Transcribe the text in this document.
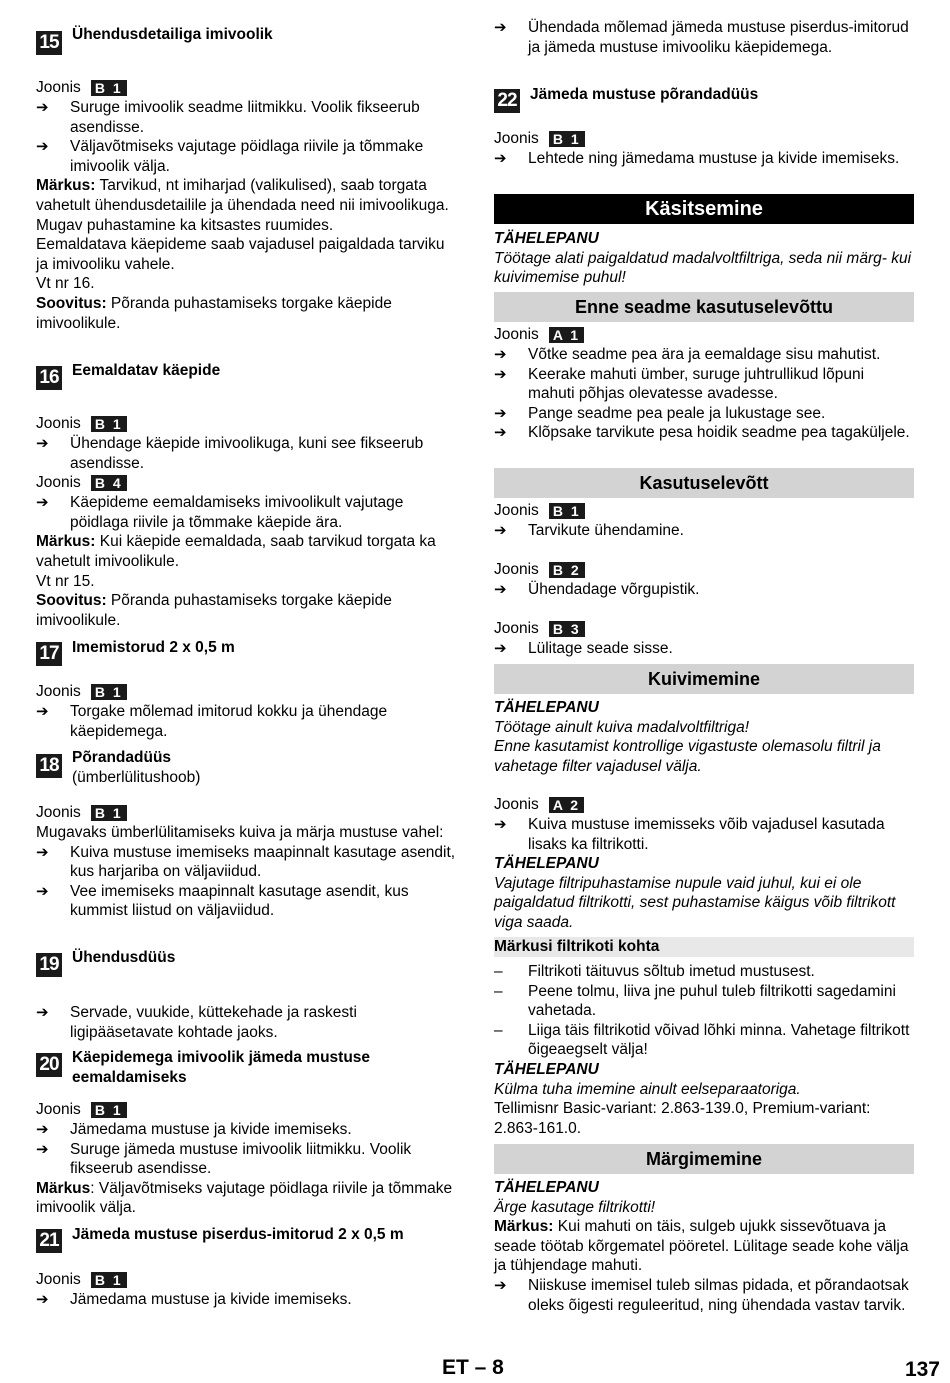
15 Ühendusdetailiga imivoolik
Joonis B 1
➔ Suruge imivoolik seadme liitmikku. Voolik fikseerub asendisse.
➔ Väljavõtmiseks vajutage pöidlaga riivile ja tõmmake imivoolik välja.
Märkus: Tarvikud, nt imiharjad (valikulised), saab torgata vahetult ühendusdetailile ja ühendada need nii imivoolikuga.
Mugav puhastamine ka kitsastes ruumides.
Eemaldatava käepideme saab vajadusel paigaldada tarviku ja imivooliku vahele.
Vt nr 16.
Soovitus: Põranda puhastamiseks torgake käepide imivoolikule.
16 Eemaldatav käepide
Joonis B 1
➔ Ühendage käepide imivoolikuga, kuni see fikseerub asendisse.
Joonis B 4
➔ Käepideme eemaldamiseks imivoolikult vajutage pöidlaga riivile ja tõmmake käepide ära.
Märkus: Kui käepide eemaldada, saab tarvikud torgata ka vahetult imivoolikule.
Vt nr 15.
Soovitus: Põranda puhastamiseks torgake käepide imivoolikule.
17 Imemistorud 2 x 0,5 m
Joonis B 1
➔ Torgake mõlemad imitorud kokku ja ühendage käepidemega.
18 Põrandadüüs
(ümberlülitushoob)
Joonis B 1
Mugavaks ümberlülitamiseks kuiva ja märja mustuse vahel:
➔ Kuiva mustuse imemiseks maapinnalt kasutage asendit, kus harjariba on väljaviidud.
➔ Vee imemiseks maapinnalt kasutage asendit, kus kummist liistud on väljaviidud.
19 Ühendusdüüs
➔ Servade, vuukide, küttekehade ja raskesti ligipääsetavate kohtade jaoks.
20 Käepidemega imivoolik jämeda mustuse eemaldamiseks
Joonis B 1
➔ Jämedama mustuse ja kivide imemiseks.
➔ Suruge jämeda mustuse imivoolik liitmikku. Voolik fikseerub asendisse.
Märkus: Väljavõtmiseks vajutage pöidlaga riivile ja tõmmake imivoolik välja.
21 Jämeda mustuse piserdus-imitorud 2 x 0,5 m
Joonis B 1
➔ Jämedama mustuse ja kivide imemiseks.
➔ Ühendada mõlemad jämeda mustuse piserdus-imitorud ja jämeda mustuse imivooliku käepidemega.
22 Jämeda mustuse põrandadüüs
Joonis B 1
➔ Lehtede ning jämedama mustuse ja kivide imemiseks.
Käsitsemine
TÄHELEPANU
Töötage alati paigaldatud madalvoltfiltriga, seda nii märg- kui kuivimemise puhul!
Enne seadme kasutuselevõttu
Joonis A 1
➔ Võtke seadme pea ära ja eemaldage sisu mahutist.
➔ Keerake mahuti ümber, suruge juhtrullikud lõpuni mahuti põhjas olevatesse avadesse.
➔ Pange seadme pea peale ja lukustage see.
➔ Klõpsake tarvikute pesa hoidik seadme pea tagaküljele.
Kasutuselevõtt
Joonis B 1
➔ Tarvikute ühendamine.
Joonis B 2
➔ Ühendadage võrgupistik.
Joonis B 3
➔ Lülitage seade sisse.
Kuivimemine
TÄHELEPANU
Töötage ainult kuiva madalvoltfiltriga!
Enne kasutamist kontrollige vigastuste olemasolu filtril ja vahetage filter vajadusel välja.
Joonis A 2
➔ Kuiva mustuse imemisseks võib vajadusel kasutada lisaks ka filtrikotti.
TÄHELEPANU
Vajutage filtripuhastamise nupule vaid juhul, kui ei ole paigaldatud filtrikotti, sest puhastamise käigus võib filtrikott viga saada.
Märkusi filtrikoti kohta
– Filtrikoti täituvus sõltub imetud mustusest.
– Peene tolmu, liiva jne puhul tuleb filtrikotti sagedamini vahetada.
– Liiga täis filtrikotid võivad lõhki minna. Vahetage filtrikott õigeaegselt välja!
TÄHELEPANU
Külma tuha imemine ainult eelseparaatoriga.
Tellimisnr Basic-variant: 2.863-139.0, Premium-variant: 2.863-161.0.
Märgimemine
TÄHELEPANU
Ärge kasutage filtrikotti!
Märkus: Kui mahuti on täis, sulgeb ujukk sissevõtuava ja seade töötab kõrgematel pööretel. Lülitage seade kohe välja ja tühjendage mahuti.
➔ Niiskuse imemisel tuleb silmas pidada, et põrandaotsak oleks õigesti reguleeritud, ning ühendada vastav tarvik.
ET – 8	137
